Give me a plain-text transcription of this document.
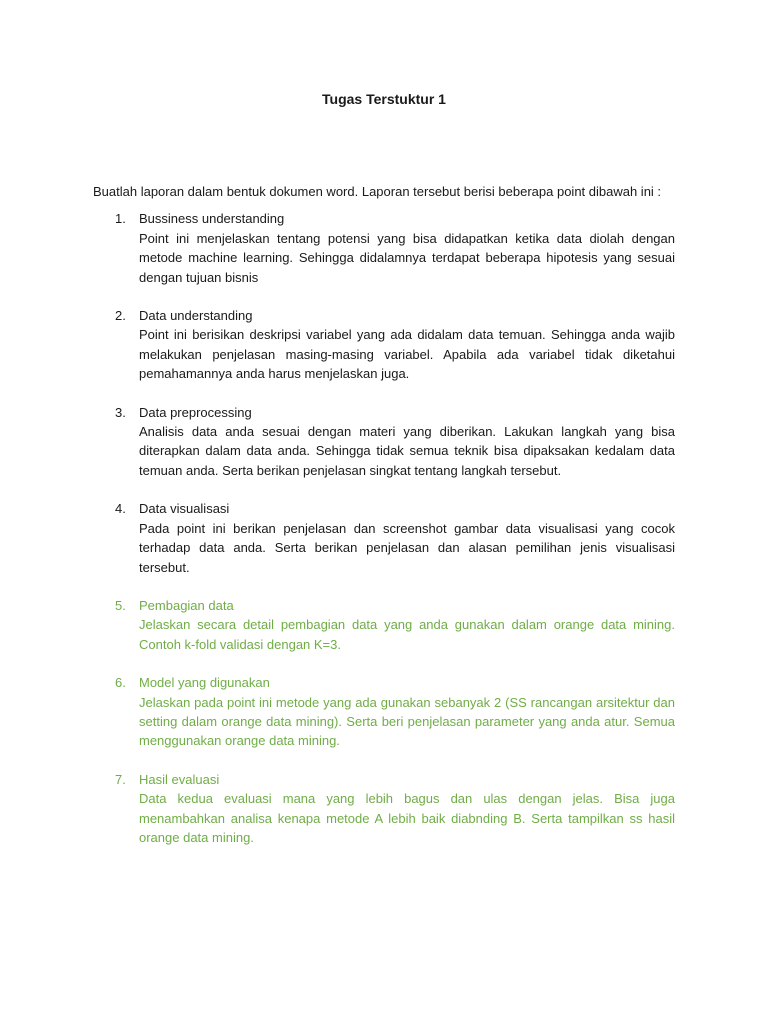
Tugas Terstuktur 1

Buatlah laporan dalam bentuk dokumen word. Laporan tersebut berisi beberapa point dibawah ini :

1. Bussiness understanding
Point ini menjelaskan tentang potensi yang bisa didapatkan ketika data diolah dengan metode machine learning. Sehingga didalamnya terdapat beberapa hipotesis yang sesuai dengan tujuan bisnis
2. Data understanding
Point ini berisikan deskripsi variabel yang ada didalam data temuan. Sehingga anda wajib melakukan penjelasan masing-masing variabel. Apabila ada variabel tidak diketahui pemahamannya anda harus menjelaskan juga.
3. Data preprocessing
Analisis data anda sesuai dengan materi yang diberikan. Lakukan langkah yang bisa diterapkan dalam data anda. Sehingga tidak semua teknik bisa dipaksakan kedalam data temuan anda. Serta berikan penjelasan singkat tentang langkah tersebut.
4. Data visualisasi
Pada point ini berikan penjelasan dan screenshot gambar data visualisasi yang cocok terhadap data anda. Serta berikan penjelasan dan alasan pemilihan jenis visualisasi tersebut.
5. Pembagian data
Jelaskan secara detail pembagian data yang anda gunakan dalam orange data mining. Contoh k-fold validasi dengan K=3.
6. Model yang digunakan
Jelaskan pada point ini metode yang ada gunakan sebanyak 2 (SS rancangan arsitektur dan setting dalam orange data mining). Serta beri penjelasan parameter yang anda atur. Semua menggunakan orange data mining.
7. Hasil evaluasi
Data kedua evaluasi mana yang lebih bagus dan ulas dengan jelas. Bisa juga menambahkan analisa kenapa metode A lebih baik diabnding B. Serta tampilkan ss hasil orange data mining.
